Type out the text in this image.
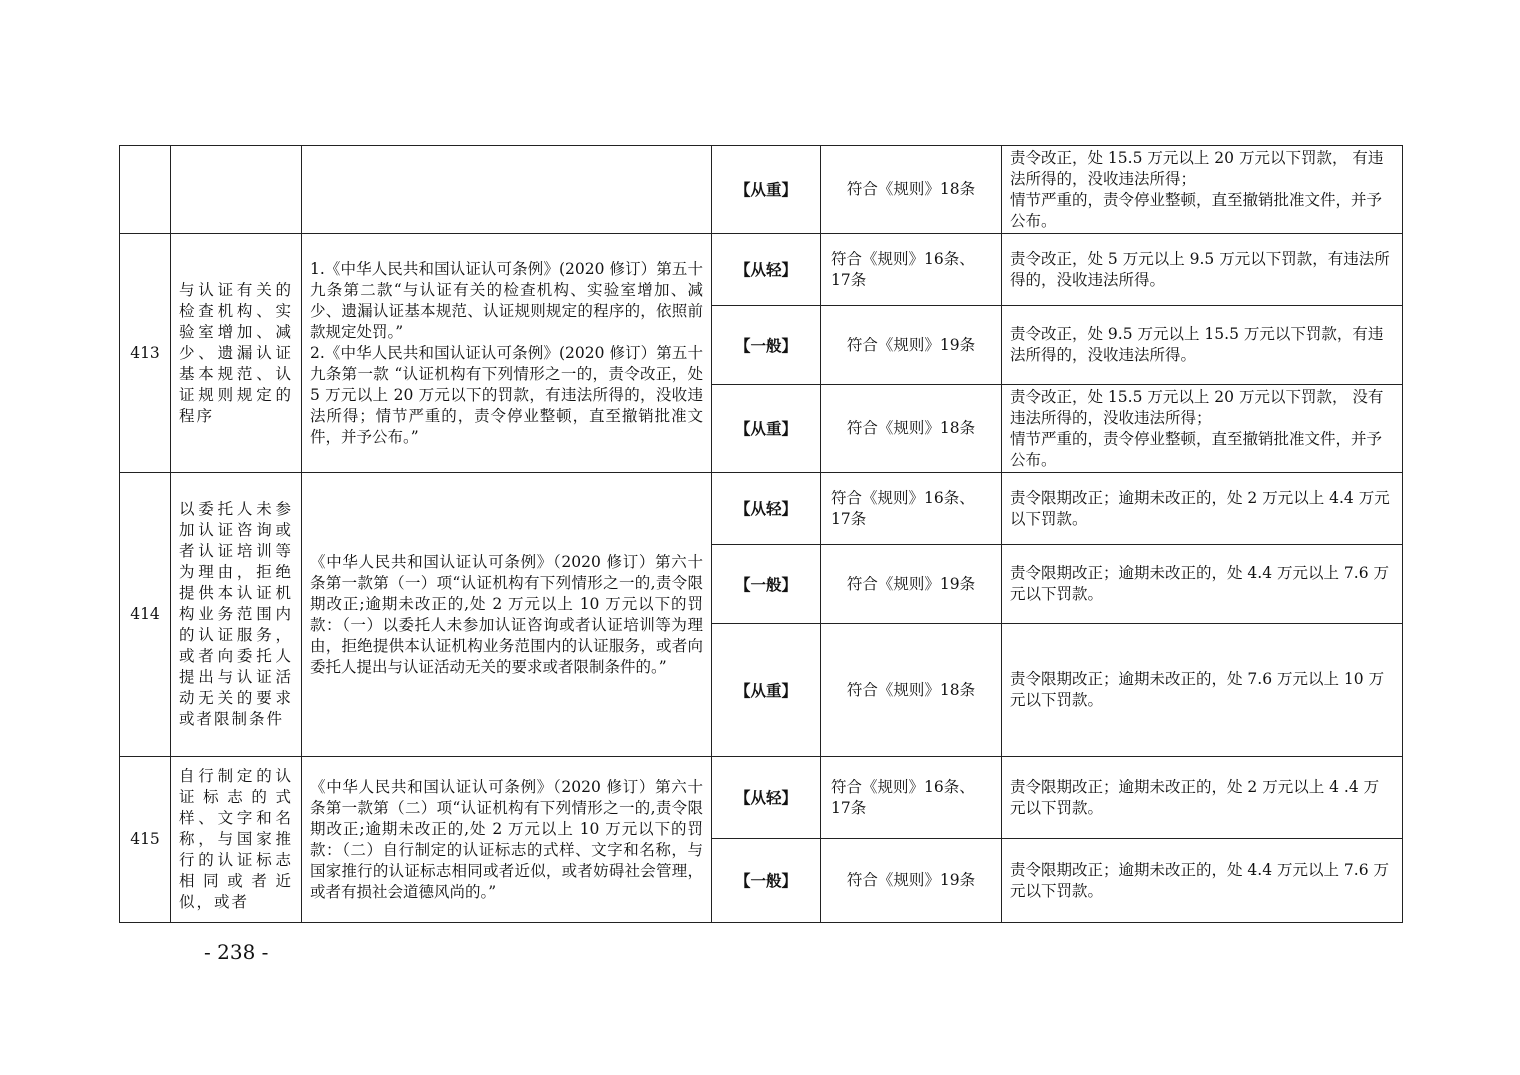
			【从重】	符合《规则》18条	责令改正，处 15.5 万元以上 20 万元以下罚款， 有违法所得的，没收违法所得；
情节严重的，责令停业整顿，直至撤销批准文件，并予公布。

413	与认证有关的检查机构、实验室增加、减少、遗漏认证基本规范、认证规则规定的程序	1.《中华人民共和国认证认可条例》(2020 修订）第五十九条第二款“与认证有关的检查机构、实验室增加、减少、遗漏认证基本规范、认证规则规定的程序的，依照前款规定处罚。”
2.《中华人民共和国认证认可条例》(2020 修订）第五十九条第一款 “认证机构有下列情形之一的，责令改正，处 5 万元以上 20 万元以下的罚款，有违法所得的，没收违法所得；情节严重的，责令停业整顿，直至撤销批准文件，并予公布。”	【从轻】	符合《规则》16条、17条	责令改正，处 5 万元以上 9.5 万元以下罚款，有违法所得的，没收违法所得。

			【一般】	符合《规则》19条	责令改正，处 9.5 万元以上 15.5 万元以下罚款，有违法所得的，没收违法所得。

			【从重】	符合《规则》18条	责令改正，处 15.5 万元以上 20 万元以下罚款， 没有违法所得的，没收违法所得；
情节严重的，责令停业整顿，直至撤销批准文件，并予公布。

414	以委托人未参加认证咨询或者认证培训等为理由，拒绝提供本认证机构业务范围内的认证服务，或者向委托人提出与认证活动无关的要求或者限制条件	《中华人民共和国认证认可条例》（2020 修订）第六十条第一款第（一）项“认证机构有下列情形之一的,责令限期改正;逾期未改正的,处 2 万元以上 10 万元以下的罚款：（一）以委托人未参加认证咨询或者认证培训等为理由，拒绝提供本认证机构业务范围内的认证服务，或者向委托人提出与认证活动无关的要求或者限制条件的。”	【从轻】	符合《规则》16条、17条	责令限期改正；逾期未改正的，处 2 万元以上 4.4 万元以下罚款。

			【一般】	符合《规则》19条	责令限期改正；逾期未改正的，处 4.4 万元以上 7.6 万元以下罚款。

			【从重】	符合《规则》18条	责令限期改正；逾期未改正的，处 7.6 万元以上 10 万元以下罚款。

415	自行制定的认证标志的式样、文字和名称，与国家推行的认证标志相同或者近似，或者	《中华人民共和国认证认可条例》（2020 修订）第六十条第一款第（二）项“认证机构有下列情形之一的,责令限期改正;逾期未改正的,处 2 万元以上 10 万元以下的罚款：（二）自行制定的认证标志的式样、文字和名称，与国家推行的认证标志相同或者近似，或者妨碍社会管理，或者有损社会道德风尚的。”	【从轻】	符合《规则》16条、17条	责令限期改正；逾期未改正的，处 2 万元以上 4 .4 万元以下罚款。

			【一般】	符合《规则》19条	责令限期改正；逾期未改正的，处 4.4 万元以上 7.6 万元以下罚款。
- 238 -
